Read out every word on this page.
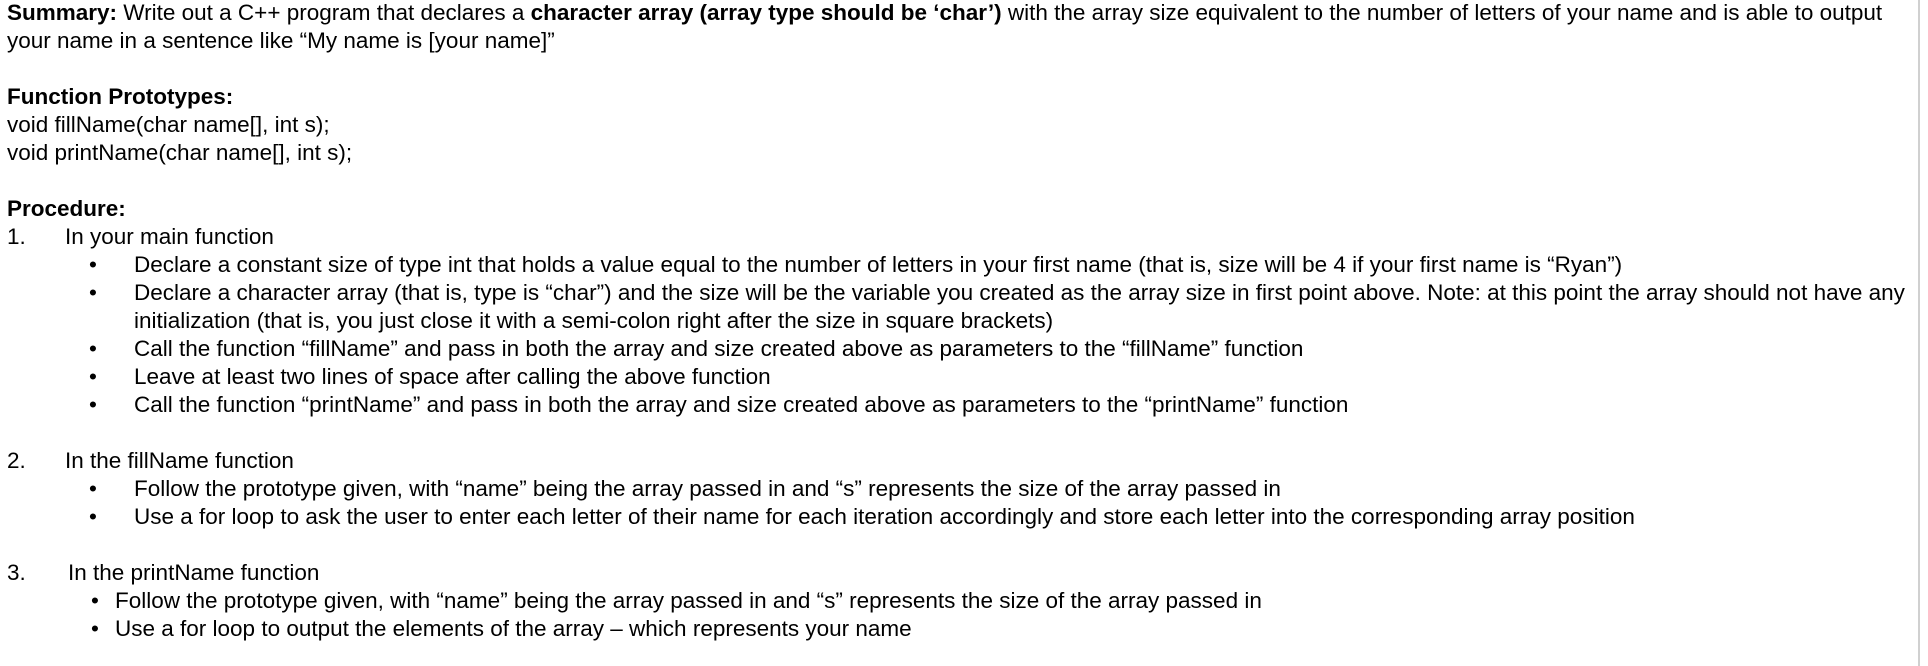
Summary: Write out a C++ program that declares a character array (array type should be ‘char’) with the array size equivalent to the number of letters of your name and is able to output your name in a sentence like “My name is [your name]”
Function Prototypes:
void fillName(char name[], int s);
void printName(char name[], int s);
Procedure:
1. In your main function
• Declare a constant size of type int that holds a value equal to the number of letters in your first name (that is, size will be 4 if your first name is “Ryan”)
• Declare a character array (that is, type is “char”) and the size will be the variable you created as the array size in first point above. Note: at this point the array should not have any
initialization (that is, you just close it with a semi-colon right after the size in square brackets)
• Call the function “fillName” and pass in both the array and size created above as parameters to the “fillName” function
• Leave at least two lines of space after calling the above function
• Call the function “printName” and pass in both the array and size created above as parameters to the “printName” function
2. In the fillName function
• Follow the prototype given, with “name” being the array passed in and “s” represents the size of the array passed in
• Use a for loop to ask the user to enter each letter of their name for each iteration accordingly and store each letter into the corresponding array position
3. In the printName function
• Follow the prototype given, with “name” being the array passed in and “s” represents the size of the array passed in
• Use a for loop to output the elements of the array – which represents your name
